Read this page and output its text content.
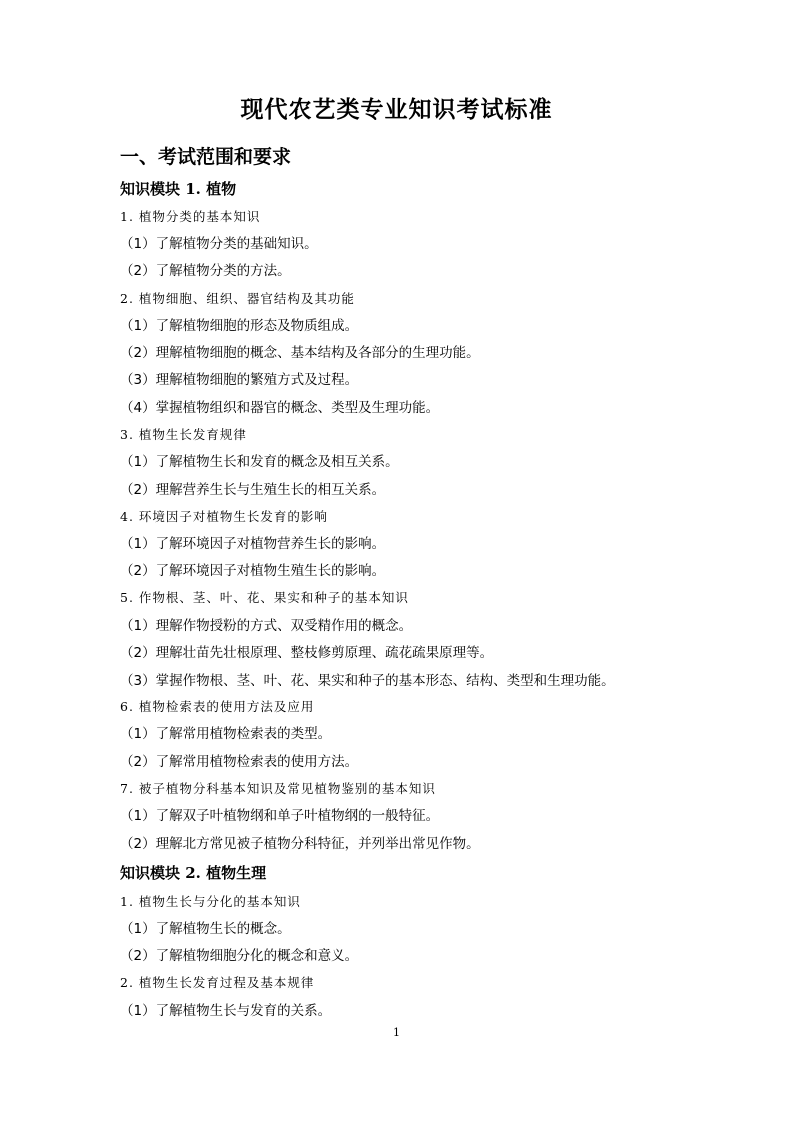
现代农艺类专业知识考试标准
一、考试范围和要求
知识模块 1. 植物
1. 植物分类的基本知识
（1）了解植物分类的基础知识。
（2）了解植物分类的方法。
2. 植物细胞、组织、器官结构及其功能
（1）了解植物细胞的形态及物质组成。
（2）理解植物细胞的概念、基本结构及各部分的生理功能。
（3）理解植物细胞的繁殖方式及过程。
（4）掌握植物组织和器官的概念、类型及生理功能。
3. 植物生长发育规律
（1）了解植物生长和发育的概念及相互关系。
（2）理解营养生长与生殖生长的相互关系。
4. 环境因子对植物生长发育的影响
（1）了解环境因子对植物营养生长的影响。
（2）了解环境因子对植物生殖生长的影响。
5. 作物根、茎、叶、花、果实和种子的基本知识
（1）理解作物授粉的方式、双受精作用的概念。
（2）理解壮苗先壮根原理、整枝修剪原理、疏花疏果原理等。
（3）掌握作物根、茎、叶、花、果实和种子的基本形态、结构、类型和生理功能。
6. 植物检索表的使用方法及应用
（1）了解常用植物检索表的类型。
（2）了解常用植物检索表的使用方法。
7. 被子植物分科基本知识及常见植物鉴别的基本知识
（1）了解双子叶植物纲和单子叶植物纲的一般特征。
（2）理解北方常见被子植物分科特征，并列举出常见作物。
知识模块 2. 植物生理
1. 植物生长与分化的基本知识
（1）了解植物生长的概念。
（2）了解植物细胞分化的概念和意义。
2. 植物生长发育过程及基本规律
（1）了解植物生长与发育的关系。
1
